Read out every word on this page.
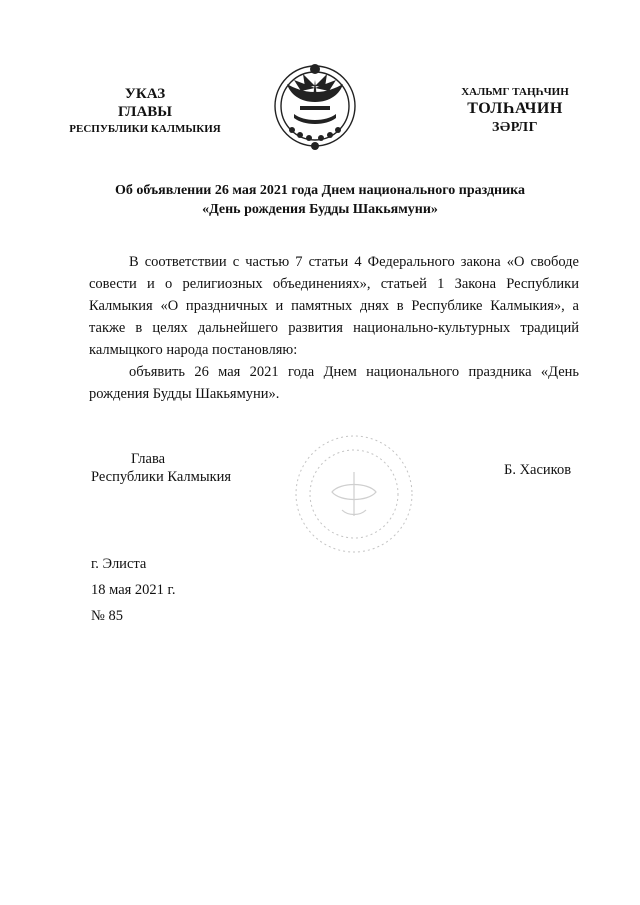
УКАЗ
ГЛАВЫ
РЕСПУБЛИКИ КАЛМЫКИЯ
ХАЛЬМГ ТАҢҺЧИН
ТОЛҺАЧИН
ЗӘРЛГ
Об объявлении 26 мая 2021 года Днем национального праздника
«День рождения Будды Шакьямуни»

В соответствии с частью 7 статьи 4 Федерального закона «О свободе совести и о религиозных объединениях», статьей 1 Закона Республики Калмыкия «О праздничных и памятных днях в Республике Калмыкия», а также в целях дальнейшего развития национально-культурных традиций калмыцкого народа постановляю:

объявить 26 мая 2021 года Днем национального праздника «День рождения Будды Шакьямуни».

Глава
Республики Калмыкия	Б. Хасиков
г. Элиста
18 мая 2021 г.
№ 85
